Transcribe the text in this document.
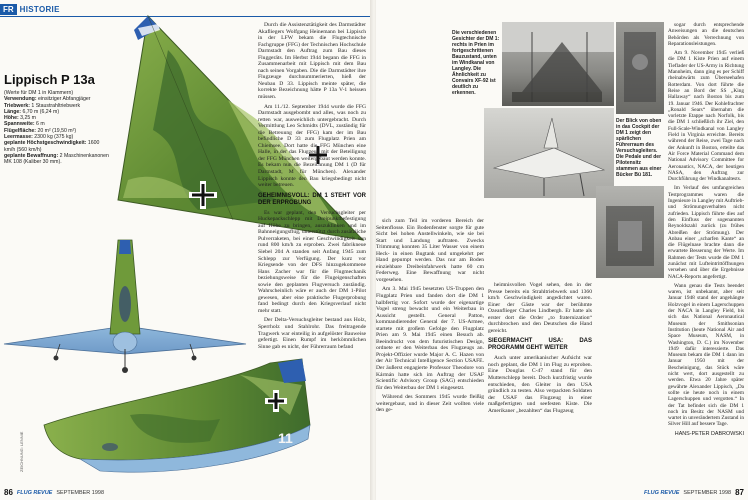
FR HISTORIE
Lippisch P 13a
(Werte für DM 1 in Klammern)
Verwendung: einsitziger Abfangjäger
Triebwerk: 1 Staustrahltriebwerk
Länge: 6,70 m (6,24 m)
Höhe: 3,25 m
Spannweite: 6 m
Flügelfläche: 20 m² (19,50 m²)
Leermasse: 2300 kg (375 kg)
geplante Höchstgeschwindigkeit: 1600 km/h (560 km/h)
geplante Bewaffnung: 2 Maschinenkanonen MK 108 (Kaliber 30 mm).
11
ZEICHNUNG: LENNIE

Durch die Assistenztätigkeit des Darmstädter Akafliegers Wolfgang Heinemann bei Lippisch in der LFW bekam die Flugtechnische Fachgruppe (FFG) der Technischen Hochschule Darmstadt den Auftrag zum Bau dieses Fluggeräts. Im Herbst 1944 begann die FFG in Zusammenarbeit mit Lippisch mit dem Bau nach seinen Vorgaben. Die die Darmstädter ihre Flugzeuge durchnummerierten, hieß der Neubau D 33. Lippisch meinte später, die korrekte Bezeichnung hätte P 13a V-1 heissen müssen.

Am 11./12. September 1944 wurde die FFG Darmstadt ausgebombt und alles, was noch zu retten war, ausweichlich untergebracht. Durch Vermittlung Leo Schmidts (DVL, zuständig für die Betreuung der FFG) kam der im Bau befindliche D 33 zum Flugplatz Prien am Chiemsee. Dort hatte die FFG München eine Halle, in der das Flugzeug mit der Beteiligung der FFG München weitergebaut werden konnte. Es bekam nun die Bezeichnung DM 1 (D für Darmstadt, M für München). Alexander Lippisch konnte den Bau kriegsbedingt nicht weiter betreuen.

GEHEIMNISVOLL: DM 1 STEHT VOR DER ERPROBUNG

Es war geplant, den Versuchsgleiter per Huckepackschlepp mit Dreipunktbefestigung auf Höhe zu bringen, auszuklinken und im Bahnneigungsflug, unterstützt durch zusätzliche Pulverraketen, bei einer Geschwindigkeit von rund 800 km/h zu erproben. Zwei fabrikneue Siebel 204 A standen seit Anfang 1945 zum Schlepp zur Verfügung. Der kurz vor Kriegsende von der DFS hinzugekommene Hans Zacher war für die Flugmechanik beziehungsweise für die Flugeigenschaften sowie den geplanten Flugversuch zuständig. Wahrscheinlich wäre er auch der DM 1-Pilot gewesen, aber eine praktische Flugerprobung fand bedingt durch den Kriegsverlauf nicht mehr statt.

Der Delta-Versuchsgleiter bestand aus Holz, Sperrholz und Stahlrohr. Das freitragende Tragwerk war einteilig in aufgelöster Bauweise gefertigt. Einen Rumpf im herkömmlichen Sinne gab es nicht, der Führerraum befand

86 FLUG REVUE SEPTEMBER 1998

sich zum Teil im vorderen Bereich der Seitenflosse. Ein Bodenfenster sorgte für gute Sicht bei hohen Anstellwinkeln, wie sie bei Start und Landung auftraten. Zwecks Trimmung konnten 35 Liter Wasser von einem Heck- in einen Bugtank und umgekehrt per Hand gepumpt werden. Das nur am Boden einziehbare Dreibeinfahrwerk hatte 60 cm Federweg. Eine Bewaffnung war nicht vorgesehen.

Am 3. Mai 1945 besetzten US-Truppen den Flugplatz Prien und fanden dort die DM 1 halbfertig vor. Sofort wurde der eigenartige Vogel streng bewacht und ein Weiterbau in Aussicht gestellt. General Patton, kommandierender General der 7. US-Armee, startete mit großem Gefolge den Flugplatz Prien am 9. Mai 1945 einen Besuch ab. Beeindruckt von dem futuristischen Design, ordnete er den Weiterbau des Flugzeugs an. Projekt-Offizier wurde Major A. C. Hazen von der Air Technical Intelligence Section USAFE. Der äußerst engagierte Professor Theodore von Kármán hatte sich im Auftrag der USAF Scientific Advisory Group (SAG) entschieden für den Weiterbau der DM 1 eingesetzt.

Während des Sommers 1945 wurde fleißig weitergebaut, und in dieser Zeit wollten viele den ge-

Die verschiedenen Gesichter der DM 1: rechts in Prien im fortgeschrittenen Bauzustand, unten im Windkanal von Langley. Die Ähnlichkeit zu Convairs XF-92 ist deutlich zu erkennen.
Der Blick von oben in das Cockpit der DM 1 zeigt den spärlichen Führerraum des Versuchsgleiters. Die Pedale und der Pilotensitz stammen aus einer Bücker Bü 181.

heimnisvollen Vogel sehen, den in der Presse bereits ein Strahltriebwerk und 1360 km/h Geschwindigkeit angedichtet waren. Einer der Gäste war der berühmte Ozeanflieger Charles Lindbergh. Er hatte als erster dort die Order „to fraternization“ durchbrochen und den Deutschen die Hand gereicht.

SIEGERMACHT USA: DAS PROGRAMM GEHT WEITER

Auch unter amerikanischer Aufsicht war noch geplant, die DM 1 im Flug zu erproben. Eine Douglas C-47 stand für den Mutterschlepp bereit. Doch kurzfristig wurde entschieden, den Gleiter in den USA gründlich zu testen. Also verpackten Soldaten der USAF das Flugzeug in einer maßgefertigten und seefesten Kiste. Die Amerikaner „bezahlten“ das Flugzeug

sogar durch entsprechende Anweisungen an die deutschen Behörden als Verrechnung von Reparationsleistungen.

Am 9. November 1945 verließ die DM 1 Kiste Prien auf einem Tieflader der US-Army in Richtung Mannheim, dann ging es per Schiff rheinabwärts zum Überseehafen Rotterdam. Von dort führte die Reise an Bord der SS „King Hallaway“ nach Boston bis zum 19. Januar 1946. Der Kohlefrachter „Ronald Sears“ übernahm die vorletzte Etappe nach Norfolk, bis die DM 1 schließlich ihr Ziel, den Full-Scale-Windkanal von Langley Field in Virginia erreichte. Bereits während der Reise, zwei Tage nach der Ankunft in Boston, erteilte das Air Force Material Command dem National Advisory Committee for Aeronautics, NACA, der heutigen NASA, den Auftrag zur Durchführung der Windkanaltests.

Im Verlauf des umfangreichen Testprogrammes waren die Ingenieure in Langley mit Auftrieb- und Strömungsverhalten nicht zufrieden. Lippisch führte dies auf den Einfluss der sogenannten Reynoldszahl zurück (zu frühes Abreißen der Strömung). Der Anbau einer „scharfen Kante“ an die Flügelnase brachte dann die erwartete Besserung der Werte. Im Rahmen der Tests wurde die DM 1 zunächst mit Lufteintrittöffnungen versehen und über die Ergebnisse NACA-Reports angefertigt.

Wann genau die Tests beendet waren, ist unbekannt, aber seit Januar 1948 stand der angehängte Holzvogel in einem Lagerschuppen der NACA in Langley Field, bis sich das National Aeronautical Museum der Smithsonian Institution (heute National Air and Space Museum, NASM, in Washington, D. C.) im November 1949 dafür interessierte. Das Museum bekam die DM 1 dann im Januar 1950 mit der Bescheinigung, das Stück wäre nicht wert, dort ausgestellt zu werden. Etwa 20 Jahre später gewährte Alexander Lippisch, „Da sollte sie heute noch in einem Lagerschuppen und vergotten.“ In der Tat befindet sich die DM 1 noch im Besitz der NASM und wartet in unverändertem Zustand in Silver Hill auf bessere Tage.

HANS-PETER DABROWSKI
FLUG REVUE SEPTEMBER 1998 87
